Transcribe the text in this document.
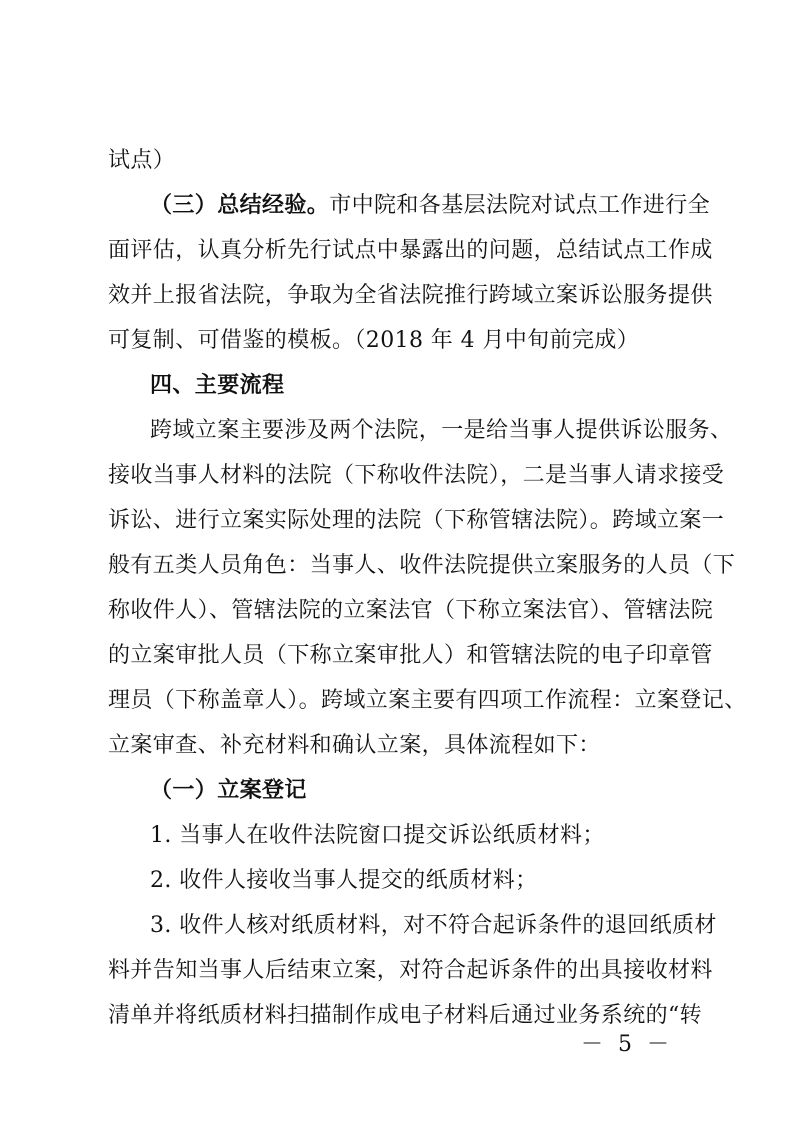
试点）
（三）总结经验。市中院和各基层法院对试点工作进行全
面评估，认真分析先行试点中暴露出的问题，总结试点工作成
效并上报省法院，争取为全省法院推行跨域立案诉讼服务提供
可复制、可借鉴的模板。（2018 年 4 月中旬前完成）
四、主要流程
跨域立案主要涉及两个法院，一是给当事人提供诉讼服务、
接收当事人材料的法院（下称收件法院），二是当事人请求接受
诉讼、进行立案实际处理的法院（下称管辖法院）。跨域立案一
般有五类人员角色：当事人、收件法院提供立案服务的人员（下
称收件人）、管辖法院的立案法官（下称立案法官）、管辖法院
的立案审批人员（下称立案审批人）和管辖法院的电子印章管
理员（下称盖章人）。跨域立案主要有四项工作流程：立案登记、
立案审查、补充材料和确认立案，具体流程如下：
（一）立案登记
1. 当事人在收件法院窗口提交诉讼纸质材料；
2. 收件人接收当事人提交的纸质材料；
3. 收件人核对纸质材料，对不符合起诉条件的退回纸质材
料并告知当事人后结束立案，对符合起诉条件的出具接收材料
清单并将纸质材料扫描制作成电子材料后通过业务系统的“转
－ 5 －
